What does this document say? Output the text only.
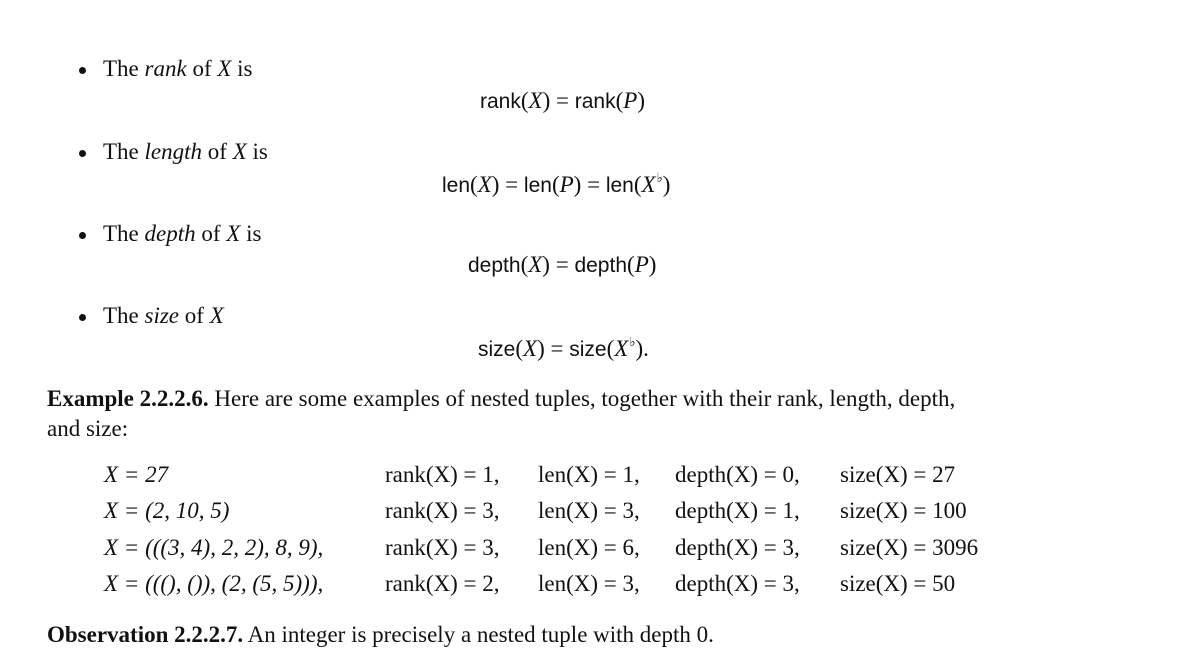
The rank of X is
rank(X) = rank(P)
The length of X is
len(X) = len(P) = len(X♭)
The depth of X is
depth(X) = depth(P)
The size of X
size(X) = size(X♭).
Example 2.2.2.6. Here are some examples of nested tuples, together with their rank, length, depth,
and size:
X = 27	rank(X) = 1, len(X) = 1, depth(X) = 0, size(X) = 27
X = (2, 10, 5)	rank(X) = 3, len(X) = 3, depth(X) = 1, size(X) = 100
X = (((3, 4), 2, 2), 8, 9),	rank(X) = 3, len(X) = 6, depth(X) = 3, size(X) = 3096
X = (((), ()), (2, (5, 5))),	rank(X) = 2, len(X) = 3, depth(X) = 3, size(X) = 50
Observation 2.2.2.7. An integer is precisely a nested tuple with depth 0.
